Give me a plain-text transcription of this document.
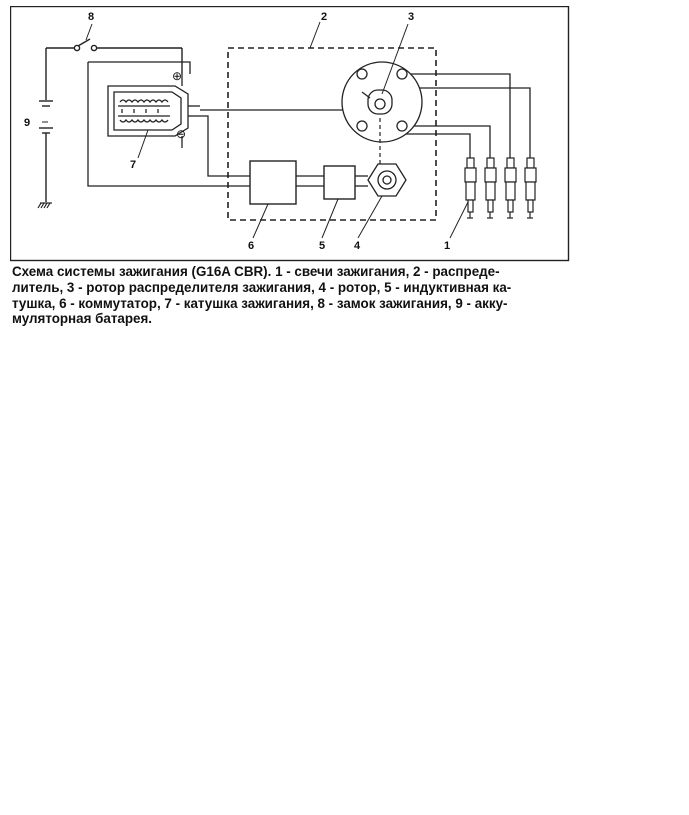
⊕
⊖
8	2	3
9
7
6	5	4	1

Схема системы зажигания (G16A CBR). 1 - свечи зажигания, 2 - распреде-
литель, 3 - ротор распределителя зажигания, 4 - ротор, 5 - индуктивная ка-
тушка, 6 - коммутатор, 7 - катушка зажигания, 8 - замок зажигания, 9 - акку-
муляторная батарея.
